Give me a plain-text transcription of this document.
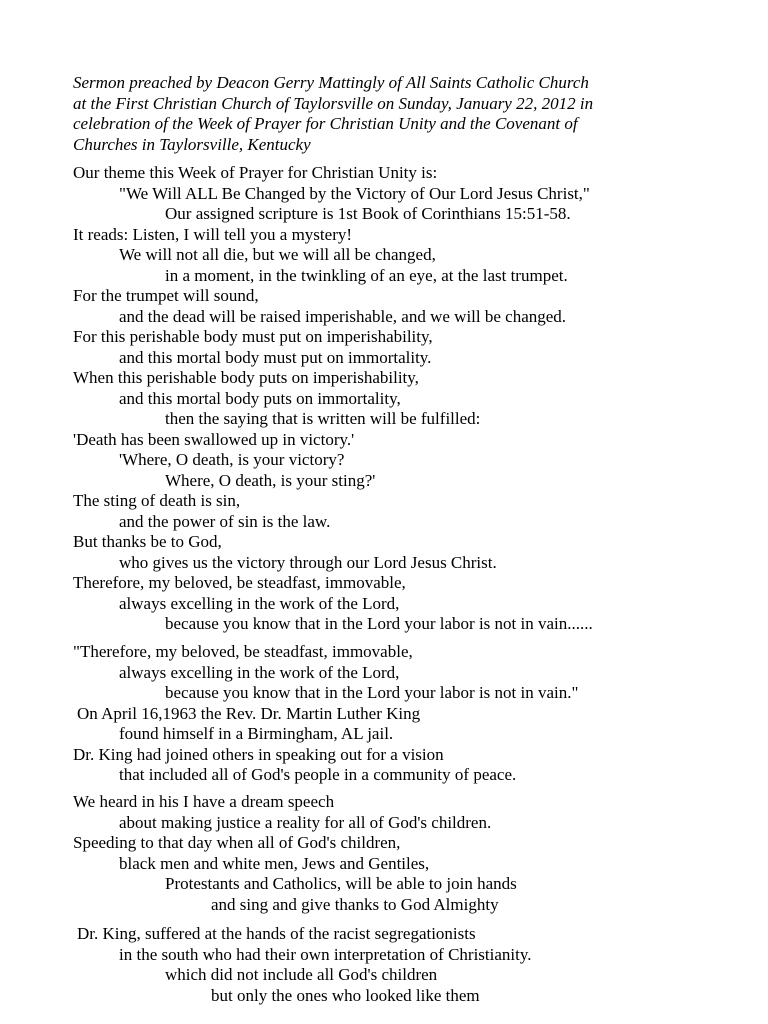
Sermon preached by Deacon Gerry Mattingly of All Saints Catholic Church
at the First Christian Church of Taylorsville on Sunday, January 22, 2012 in
celebration of the Week of Prayer for Christian Unity and the Covenant of
Churches in Taylorsville, Kentucky
Our theme this Week of Prayer for Christian Unity is:
"We Will ALL Be Changed by the Victory of Our Lord Jesus Christ,"
Our assigned scripture is 1st Book of Corinthians 15:51-58.
It reads: Listen, I will tell you a mystery!
We will not all die, but we will all be changed,
in a moment, in the twinkling of an eye, at the last trumpet.
For the trumpet will sound,
and the dead will be raised imperishable, and we will be changed.
For this perishable body must put on imperishability,
and this mortal body must put on immortality.
When this perishable body puts on imperishability,
and this mortal body puts on immortality,
then the saying that is written will be fulfilled:
'Death has been swallowed up in victory.'
'Where, O death, is your victory?
Where, O death, is your sting?'
The sting of death is sin,
and the power of sin is the law.
But thanks be to God,
who gives us the victory through our Lord Jesus Christ.
Therefore, my beloved, be steadfast, immovable,
always excelling in the work of the Lord,
because you know that in the Lord your labor is not in vain......
"Therefore, my beloved, be steadfast, immovable,
always excelling in the work of the Lord,
because you know that in the Lord your labor is not in vain."
On April 16,1963 the Rev. Dr. Martin Luther King
found himself in a Birmingham, AL jail.
Dr. King had joined others in speaking out for a vision
that included all of God's people in a community of peace.
We heard in his I have a dream speech
about making justice a reality for all of God's children.
Speeding to that day when all of God's children,
black men and white men, Jews and Gentiles,
Protestants and Catholics, will be able to join hands
and sing and give thanks to God Almighty
Dr. King, suffered at the hands of the racist segregationists
in the south who had their own interpretation of Christianity.
which did not include all God's children
but only the ones who looked like them
